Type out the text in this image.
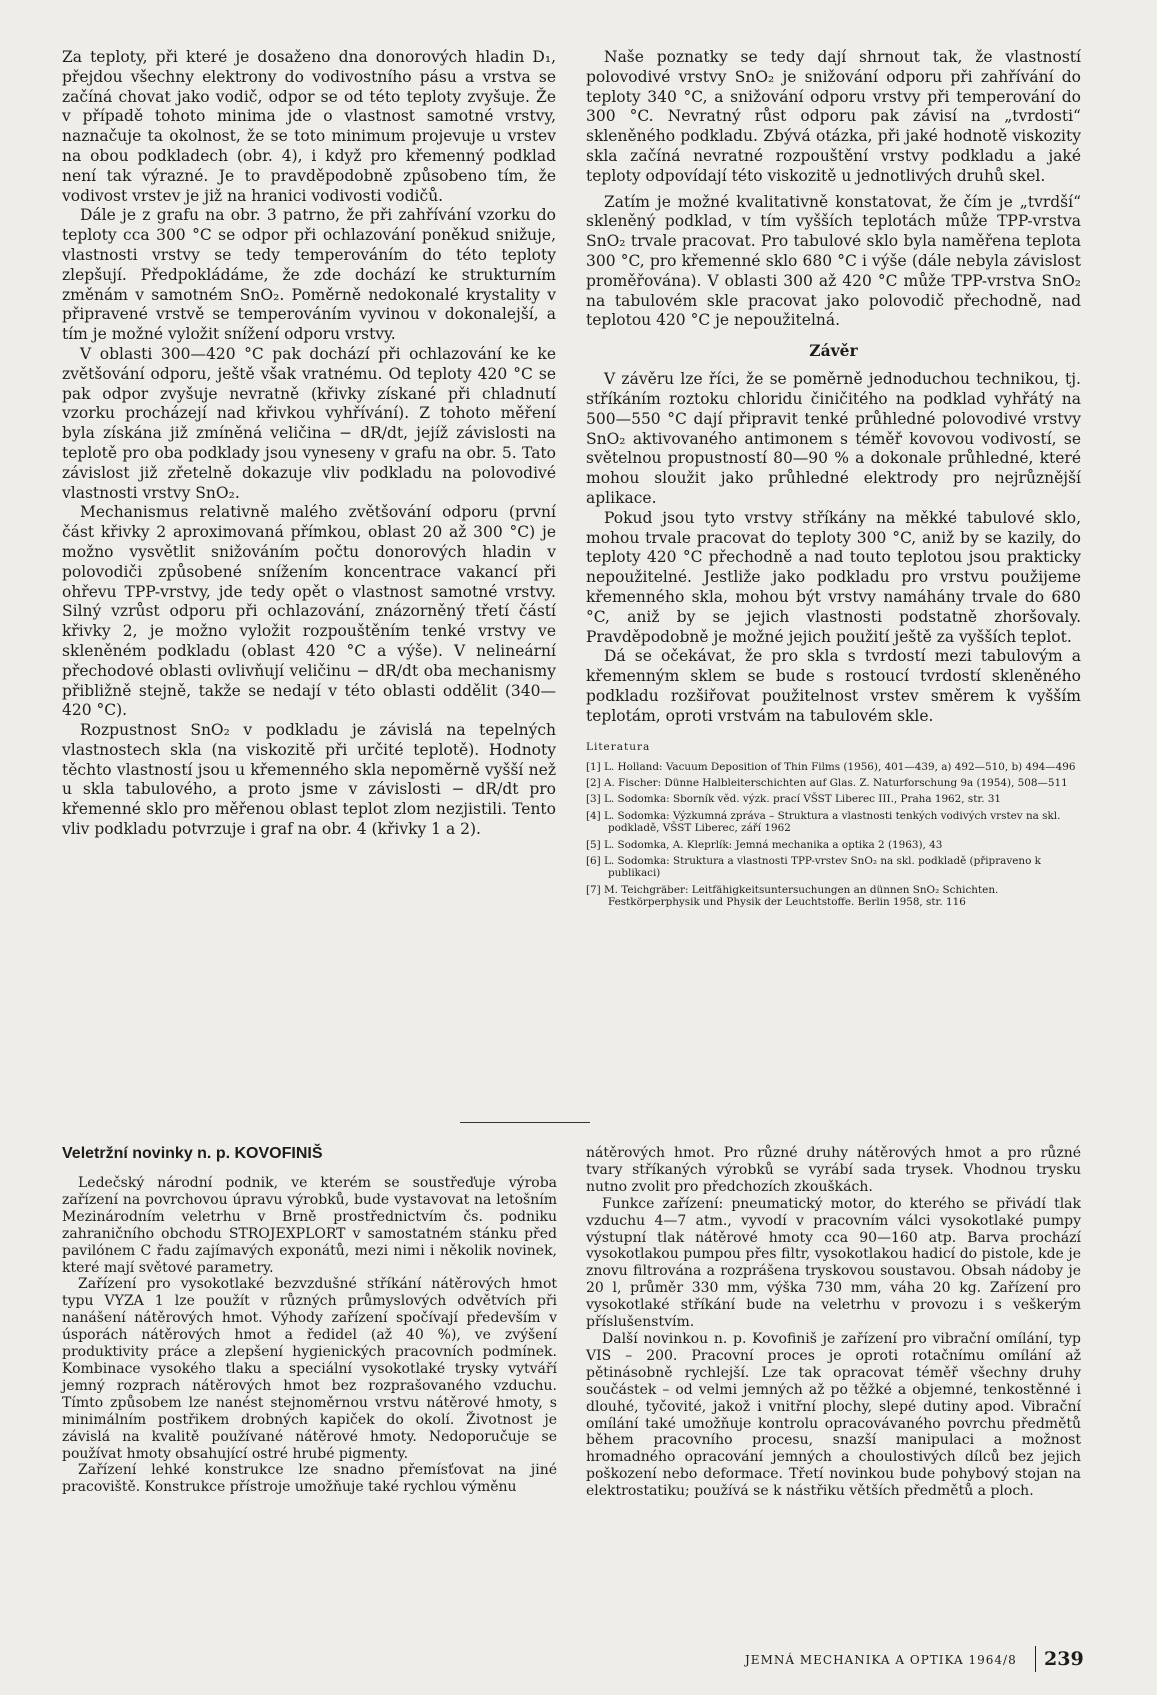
Za teploty, při které je dosaženo dna donorových hladin D₁, přejdou všechny elektrony do vodivostního pásu a vrstva se začíná chovat jako vodič, odpor se od této teploty zvyšuje. Že v případě tohoto minima jde o vlastnost samotné vrstvy, naznačuje ta okolnost, že se toto minimum projevuje u vrstev na obou podkladech (obr. 4), i když pro křemenný podklad není tak výrazné. Je to pravděpodobně způsobeno tím, že vodivost vrstev je již na hranici vodivosti vodičů.

Dále je z grafu na obr. 3 patrno, že při zahřívání vzorku do teploty cca 300 °C se odpor při ochlazování poněkud snižuje, vlastnosti vrstvy se tedy temperováním do této teploty zlepšují. Předpokládáme, že zde dochází ke strukturním změnám v samotném SnO₂. Poměrně nedokonalé krystality v připravené vrstvě se temperováním vyvinou v dokonalejší, a tím je možné vyložit snížení odporu vrstvy.

V oblasti 300—420 °C pak dochází při ochlazování ke ke zvětšování odporu, ještě však vratnému. Od teploty 420 °C se pak odpor zvyšuje nevratně (křivky získané při chladnutí vzorku procházejí nad křivkou vyhřívání). Z tohoto měření byla získána již zmíněná veličina − dR/dt, jejíž závislosti na teplotě pro oba podklady jsou vyneseny v grafu na obr. 5. Tato závislost již zřetelně dokazuje vliv podkladu na polovodivé vlastnosti vrstvy SnO₂.

Mechanismus relativně malého zvětšování odporu (první část křivky 2 aproximovaná přímkou, oblast 20 až 300 °C) je možno vysvětlit snižováním počtu donorových hladin v polovodiči způsobené snížením koncentrace vakancí při ohřevu TPP-vrstvy, jde tedy opět o vlastnost samotné vrstvy. Silný vzrůst odporu při ochlazování, znázorněný třetí částí křivky 2, je možno vyložit rozpouštěním tenké vrstvy ve skleněném podkladu (oblast 420 °C a výše). V nelineární přechodové oblasti ovlivňují veličinu − dR/dt oba mechanismy přibližně stejně, takže se nedají v této oblasti oddělit (340—420 °C).

Rozpustnost SnO₂ v podkladu je závislá na tepelných vlastnostech skla (na viskozitě při určité teplotě). Hodnoty těchto vlastností jsou u křemenného skla nepoměrně vyšší než u skla tabulového, a proto jsme v závislosti − dR/dt pro křemenné sklo pro měřenou oblast teplot zlom nezjistili. Tento vliv podkladu potvrzuje i graf na obr. 4 (křivky 1 a 2).

Naše poznatky se tedy dají shrnout tak, že vlastností polovodivé vrstvy SnO₂ je snižování odporu při zahřívání do teploty 340 °C, a snižování odporu vrstvy při temperování do 300 °C. Nevratný růst odporu pak závisí na „tvrdosti“ skleněného podkladu. Zbývá otázka, při jaké hodnotě viskozity skla začíná nevratné rozpouštění vrstvy podkladu a jaké teploty odpovídají této viskozitě u jednotlivých druhů skel.

Zatím je možné kvalitativně konstatovat, že čím je „tvrdší“ skleněný podklad, v tím vyšších teplotách může TPP-vrstva SnO₂ trvale pracovat. Pro tabulové sklo byla naměřena teplota 300 °C, pro křemenné sklo 680 °C i výše (dále nebyla závislost proměřována). V oblasti 300 až 420 °C může TPP-vrstva SnO₂ na tabulovém skle pracovat jako polovodič přechodně, nad teplotou 420 °C je nepoužitelná.

Závěr

V závěru lze říci, že se poměrně jednoduchou technikou, tj. stříkáním roztoku chloridu činičitého na podklad vyhřátý na 500—550 °C dají připravit tenké průhledné polovodivé vrstvy SnO₂ aktivovaného antimonem s téměř kovovou vodivostí, se světelnou propustností 80—90 % a dokonale průhledné, které mohou sloužit jako průhledné elektrody pro nejrůznější aplikace.

Pokud jsou tyto vrstvy stříkány na měkké tabulové sklo, mohou trvale pracovat do teploty 300 °C, aniž by se kazily, do teploty 420 °C přechodně a nad touto teplotou jsou prakticky nepoužitelné. Jestliže jako podkladu pro vrstvu použijeme křemenného skla, mohou být vrstvy namáhány trvale do 680 °C, aniž by se jejich vlastnosti podstatně zhoršovaly. Pravděpodobně je možné jejich použití ještě za vyšších teplot.

Dá se očekávat, že pro skla s tvrdostí mezi tabulovým a křemenným sklem se bude s rostoucí tvrdostí skleněného podkladu rozšiřovat použitelnost vrstev směrem k vyšším teplotám, oproti vrstvám na tabulovém skle.

Literatura

[1] L. Holland: Vacuum Deposition of Thin Films (1956), 401—439, a) 492—510, b) 494—496

[2] A. Fischer: Dünne Halbleiterschichten auf Glas. Z. Naturforschung 9a (1954), 508—511

[3] L. Sodomka: Sborník věd. výzk. prací VŠST Liberec III., Praha 1962, str. 31

[4] L. Sodomka: Výzkumná zpráva – Struktura a vlastnosti tenkých vodivých vrstev na skl. podkladě, VŠST Liberec, září 1962

[5] L. Sodomka, A. Kleprlík: Jemná mechanika a optika 2 (1963), 43

[6] L. Sodomka: Struktura a vlastnosti TPP-vrstev SnO₂ na skl. podkladě (připraveno k publikaci)

[7] M. Teichgräber: Leitfähigkeitsuntersuchungen an dünnen SnO₂ Schichten. Festkörperphysik und Physik der Leuchtstoffe. Berlin 1958, str. 116

Veletržní novinky n. p. KOVOFINIŠ

Ledečský národní podnik, ve kterém se soustřeďuje výroba zařízení na povrchovou úpravu výrobků, bude vystavovat na letošním Mezinárodním veletrhu v Brně prostřednictvím čs. podniku zahraničního obchodu STROJEXPLORT v samostatném stánku před pavilónem C řadu zajímavých exponátů, mezi nimi i několik novinek, které mají světové parametry.

Zařízení pro vysokotlaké bezvzdušné stříkání nátěrových hmot typu VYZA 1 lze použít v různých průmyslových odvětvích při nanášení nátěrových hmot. Výhody zařízení spočívají především v úsporách nátěrových hmot a ředidel (až 40 %), ve zvýšení produktivity práce a zlepšení hygienických pracovních podmínek. Kombinace vysokého tlaku a speciální vysokotlaké trysky vytváří jemný rozprach nátěrových hmot bez rozprašovaného vzduchu. Tímto způsobem lze nanést stejnoměrnou vrstvu nátěrové hmoty, s minimálním postřikem drobných kapiček do okolí. Životnost je závislá na kvalitě používané nátěrové hmoty. Nedoporučuje se používat hmoty obsahující ostré hrubé pigmenty.

Zařízení lehké konstrukce lze snadno přemísťovat na jiné pracoviště. Konstrukce přístroje umožňuje také rychlou výměnu

nátěrových hmot. Pro různé druhy nátěrových hmot a pro různé tvary stříkaných výrobků se vyrábí sada trysek. Vhodnou trysku nutno zvolit pro předchozích zkouškách.

Funkce zařízení: pneumatický motor, do kterého se přivádí tlak vzduchu 4—7 atm., vyvodí v pracovním válci vysokotlaké pumpy výstupní tlak nátěrové hmoty cca 90—160 atp. Barva prochází vysokotlakou pumpou přes filtr, vysokotlakou hadicí do pistole, kde je znovu filtrována a rozprášena tryskovou soustavou. Obsah nádoby je 20 l, průměr 330 mm, výška 730 mm, váha 20 kg. Zařízení pro vysokotlaké stříkání bude na veletrhu v provozu i s veškerým příslušenstvím.

Další novinkou n. p. Kovofiniš je zařízení pro vibrační omílání, typ VIS – 200. Pracovní proces je oproti rotačnímu omílání až pětinásobně rychlejší. Lze tak opracovat téměř všechny druhy součástek – od velmi jemných až po těžké a objemné, tenkostěnné i dlouhé, tyčovité, jakož i vnitřní plochy, slepé dutiny apod. Vibrační omílání také umožňuje kontrolu opracovávaného povrchu předmětů během pracovního procesu, snazší manipulaci a možnost hromadného opracování jemných a choulostivých dílců bez jejich poškození nebo deformace. Třetí novinkou bude pohybový stojan na elektrostatiku; používá se k nástřiku větších předmětů a ploch.

JEMNÁ MECHANIKA A OPTIKA 1964/8 239
